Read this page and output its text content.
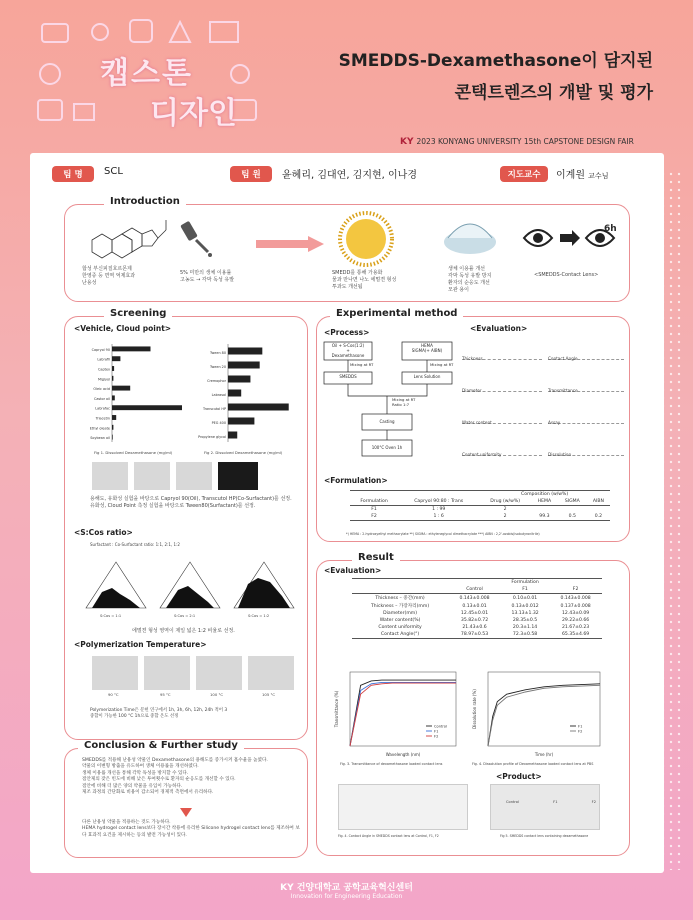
캡스톤
디자인
SMEDDS-Dexamethasone이 담지된
콘택트렌즈의 개발 및 평가
KY 2023 KONYANG UNIVERSITY 15th CAPSTONE DESIGN FAIR
팀 명	SCL	팀 원	윤혜리, 김대연, 김지현, 이나경	지도교수	이계원 교수님
Introduction
합성 부신피질호르몬제
한영증 등 면역 억제효과
난용성
5% 미만의 생체 이용률
고농도 → 각막 독성 유발
SMEDD를 통해 가용화
물과 만나면 나노 에멀젼 형성
투과도 개선됨
생체 이용률 개선
각막 독성 유발 방지
환자의 순응도 개선
모관 용이
6h
<SMEDDS-Contact Lens>
Screening
<Vehicle, Cloud point>
Capryol 90
Labrafil
Captex
Miglyol
Oleic acid
Castor oil
Labrafac
Triacetin
Ethyl oleate
Soybean oil
Tween 80
Tween 20
Cremophor
Labrasol
Transcutol HP
PEG 400
Propylene glycol
Fig 1. Dissolved Dexamethasone (mg/ml)	Fig 2. Dissolved Dexamethasone (mg/ml)
용해도, 유화성 실험을 바탕으로 Capryol 90(Oil), Transcutol HP(Co-Surfactant)를 선정.
유화성, Cloud Point 측정 실험을 바탕으로 Tween80(Surfactant)를 선정.
<S:Cos ratio>
Surfactant : Co-Surfactant ratio: 1:1, 2:1, 1:2
S:Cos = 1:1	S:Cos = 2:1	S:Cos = 1:2
에멀젼 형성 영역이 제일 넓은 1:2 비율로 선정.
<Polymerization Temperature>
90 °C	95 °C	100 °C	105 °C
Polymerization Time은 문헌 연구에서 1h, 3h, 6h, 12h, 24h 적어 3
중합이 가능한 100 °C 1h으로 중합 온도 선정
Conclusion & Further study
SMEDDS를 적용해 난용성 약물인 Dexamethasone의 용해도를 증가시켜 흡수율을 높였다.
약물의 이변형 방출을 유도하여 생체 이용률을 개선하였다.
생체 이용률 개선을 통해 각막 독성을 방지할 수 있다.
점안제의 잦은 빈도에 비해 낮은 투여횟수로 환자의 순응도를 개선할 수 있다.
점안에 비해 더 많은 양의 약물을 유입이 가능하다.
제조 과정의 간단화로 비용이 감소되어 경제적 측면에서 유리하다.
다른 난용성 약물을 적용하는 것도 가능하다.
HEMA hydrogel contact lens보다 장시간 착용에 유리한 Silicone hydrogel contact lens를 제조하여 보다 효과적 요건을 제시하는 등의 발전 가능성이 있다.
Experimental method
<Process>
Oil + S-Cos(1:2)
+
Dexamethasone
Mixing at RT
SMEDDS
HEMA
SIGMA(+ AIBN)
Mixing at RT
Lens Solution
Mixing at RT
Ratio 1:7
Casting
100°C Oven 1h
<Evaluation>
Thickness
Diameter
Water content
Content uniformity
Contact Angle
Transmittance
Assay
Dissolution
<Formulation>
		Composition (w/w%)			
Formulation	Capryol 90:80 : Trans	Drug (w/w%)	HEMA	SIGMA	AIBN
F1	1 : 99	2			
F2	1 : 6	2	99.3	0.5	0.2
*) HEMA : 2-hydroxyethyl methacrylate **) SIGMA : ethyleneglycol dimethacrylate ***) AIBN : 2,2'-azobis(isobutyronitrile)
Result
<Evaluation>
	Formulation		
	Control	F1	F2
Thickness – 중간(mm)	0.143±0.008	0.10±0.01	0.143±0.008
Thickness – 가장자리(mm)	0.13±0.01	0.13±0.012	0.137±0.008
Diameter(mm)	12.45±0.01	13.13±1.32	12.43±0.09
Water content(%)	35.82±0.72	28.35±0.5	29.22±0.66
Content uniformity	21.43±0.6	20.3±1.14	21.67±0.23
Contact Angle(°)	78.97±0.53	72.3±0.58	65.35±4.69
Wavelength (nm)
Transmittance (%)	Control
F1
F2
Time (hr)
Dissolution rate (%)	F1
F2
Fig. 3. Transmittance of dexamethasone loaded contact lens	Fig. 4. Dissolution profile of Dexamethasone loaded contact lens at PBS
<Product>
Control	F1	F2
Fig. 4. Contact Angle in SMEDDS contact lens at Control, F1, F2	Fig 5. SMEDDS contact lens containing dexamethasone
KY 건양대학교 공학교육혁신센터
Innovation for Engineering Education
